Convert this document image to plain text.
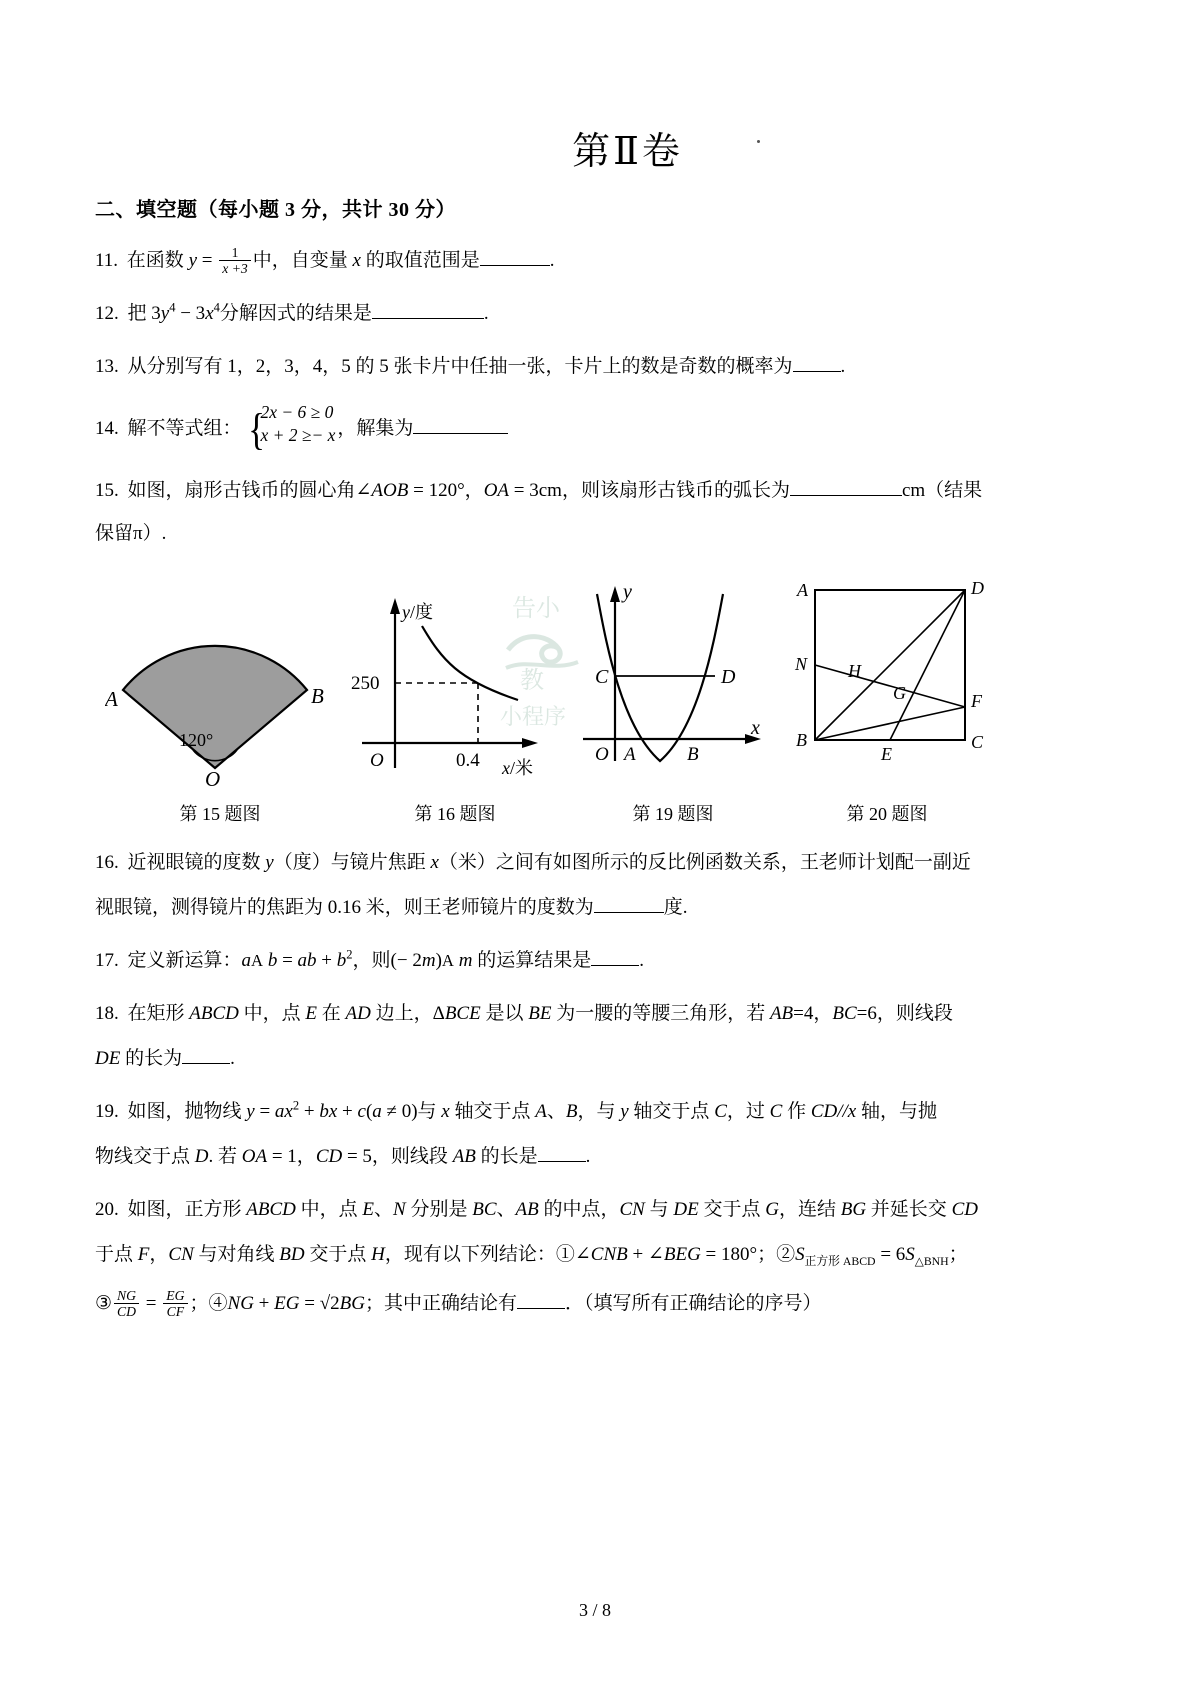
告小
教
小程序
第Ⅱ卷
二、填空题（每小题 3 分，共计 30 分）
11. 在函数 $y = \frac{1}{x +3}$ 中，自变量 x 的取值范围是	.
12. 把 $3y^4 - 3x^4$分解因式的结果是	.
13. 从分别写有 1，2，3，4，5 的 5 张卡片中任抽一张，卡片上的数是奇数的概率为	.
14. 解不等式组： {
2x − 6 ≥ 0
x + 2 ≥− x ，解集为
15. 如图，扇形古钱币的圆心角∠AOB = 120°，OA = 3cm，则该扇形古钱币的弧长为	cm（结果
保留π）.
A	B
120°
O
y/度
250
O	0.4 x/米
C	D
y
x
O A	B
A	D
B	C
N
F
E
H
G
第 15 题图	第 16 题图	第 19 题图	第 20 题图
16. 近视眼镜的度数 y（度）与镜片焦距 x（米）之间有如图所示的反比例函数关系，王老师计划配一副近
视眼镜，测得镜片的焦距为 0.16 米，则王老师镜片的度数为	度.
17. 定义新运算：aA b = ab + $b^2$，则(− 2m)A m 的运算结果是	.
18. 在矩形 ABCD 中，点 E 在 AD 边上，ΔBCE 是以 BE 为一腰的等腰三角形，若 AB=4，BC=6，则线段
DE 的长为	.
19. 如图，抛物线 $y = ax^2$ + bx + c(a ≠ 0)与 x 轴交于点 A、B，与 y 轴交于点 C，过 C 作 CD//x 轴，与抛
物线交于点 D. 若 OA = 1，CD = 5，则线段 AB 的长是	.
20. 如图，正方形 ABCD 中，点 E、N 分别是 BC、AB 的中点，CN 与 DE 交于点 G，连结 BG 并延长交 CD
于点 F，CN 与对角线 BD 交于点 H，现有以下列结论：①∠CNB + ∠BEG = 180°；$②S_{正方形 ABCD} = 6S_{\triangle BNH}$；
③ $\frac{NG}{CD} = \frac{EG}{CF}$ ；④NG + EG = √2BG；其中正确结论有	．（填写所有正确结论的序号）
3 / 8
